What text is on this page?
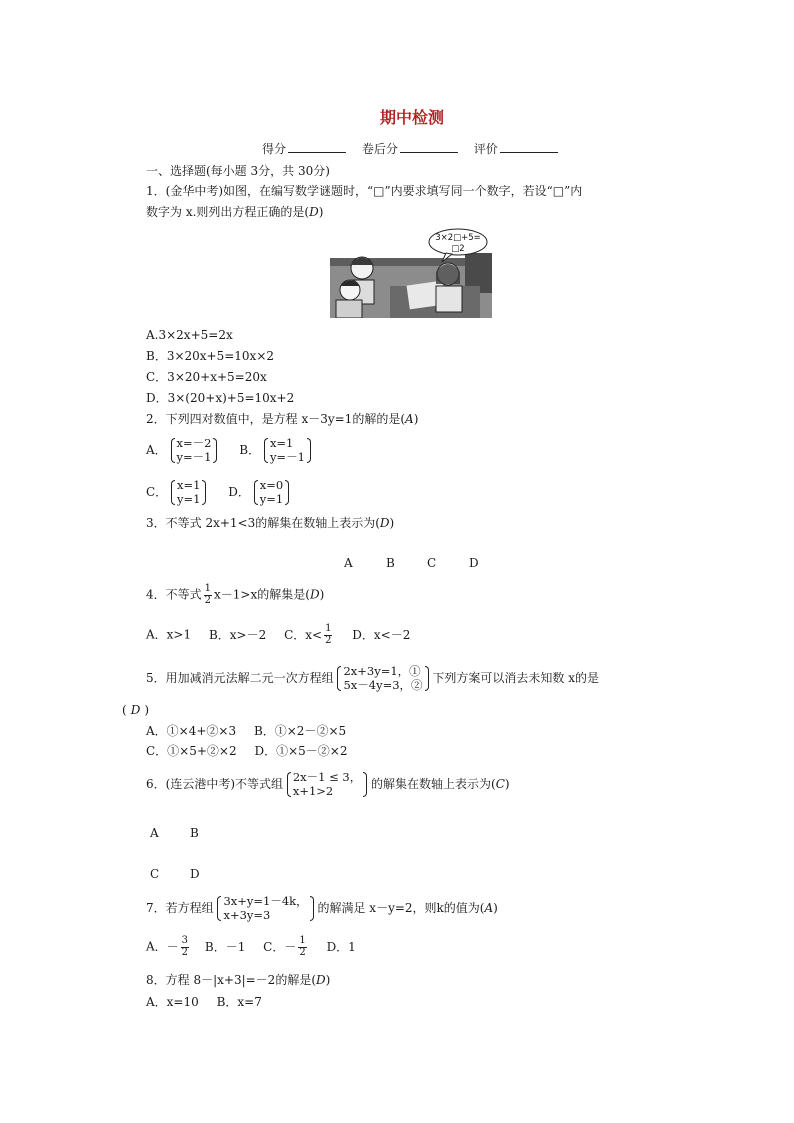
期中检测
得分	卷后分	评价
一、选择题(每小题 3分，共 30分)
1．(金华中考)如图，在编写数学谜题时，“□”内要求填写同一个数字，若设“□”内
数字为 x.则列出方程正确的是(D)
3×2□+5=
□2
A.3×2x+5=2x
B．3×20x+5=10x×2
C．3×20+x+5=20x
D．3×(20+x)+5=10x+2
2．下列四对数值中，是方程 x－3y=1的解的是(A)
A． x=－2
y=－1
B． x=1
y=－1
C． x=1
y=1
D． x=0
y=1
3．不等式 2x+1<3的解集在数轴上表示为(D)
A	B	C	D
4．不等式 $\frac{1}{2} x-1>x$的解集是(D)
A．x>1 B．x>－2 C．$x< \frac{1}{2}$ D．x<－2
5．用加减消元法解二元一次方程组 2x+3y=1，①
5x－4y=3，②
下列方案可以消去未知数 x的是
( D )
A．①×4+②×3 B．①×2－②×5
C．①×5+②×2 D．①×5－②×2
6．(连云港中考)不等式组 2x－1 ≤ 3，
x+1>2
的解集在数轴上表示为(C)
A	B
C	D
7．若方程组 3x+y=1－4k，
x+3y=3
的解满足 x－y=2，则k的值为(A)
A．－ $\frac{3}{2}$ B．－1 C．－ $\frac{1}{2}$ D．1
8．方程 8－|x+3|=－2的解是(D)
A．x=10 B．x=7
